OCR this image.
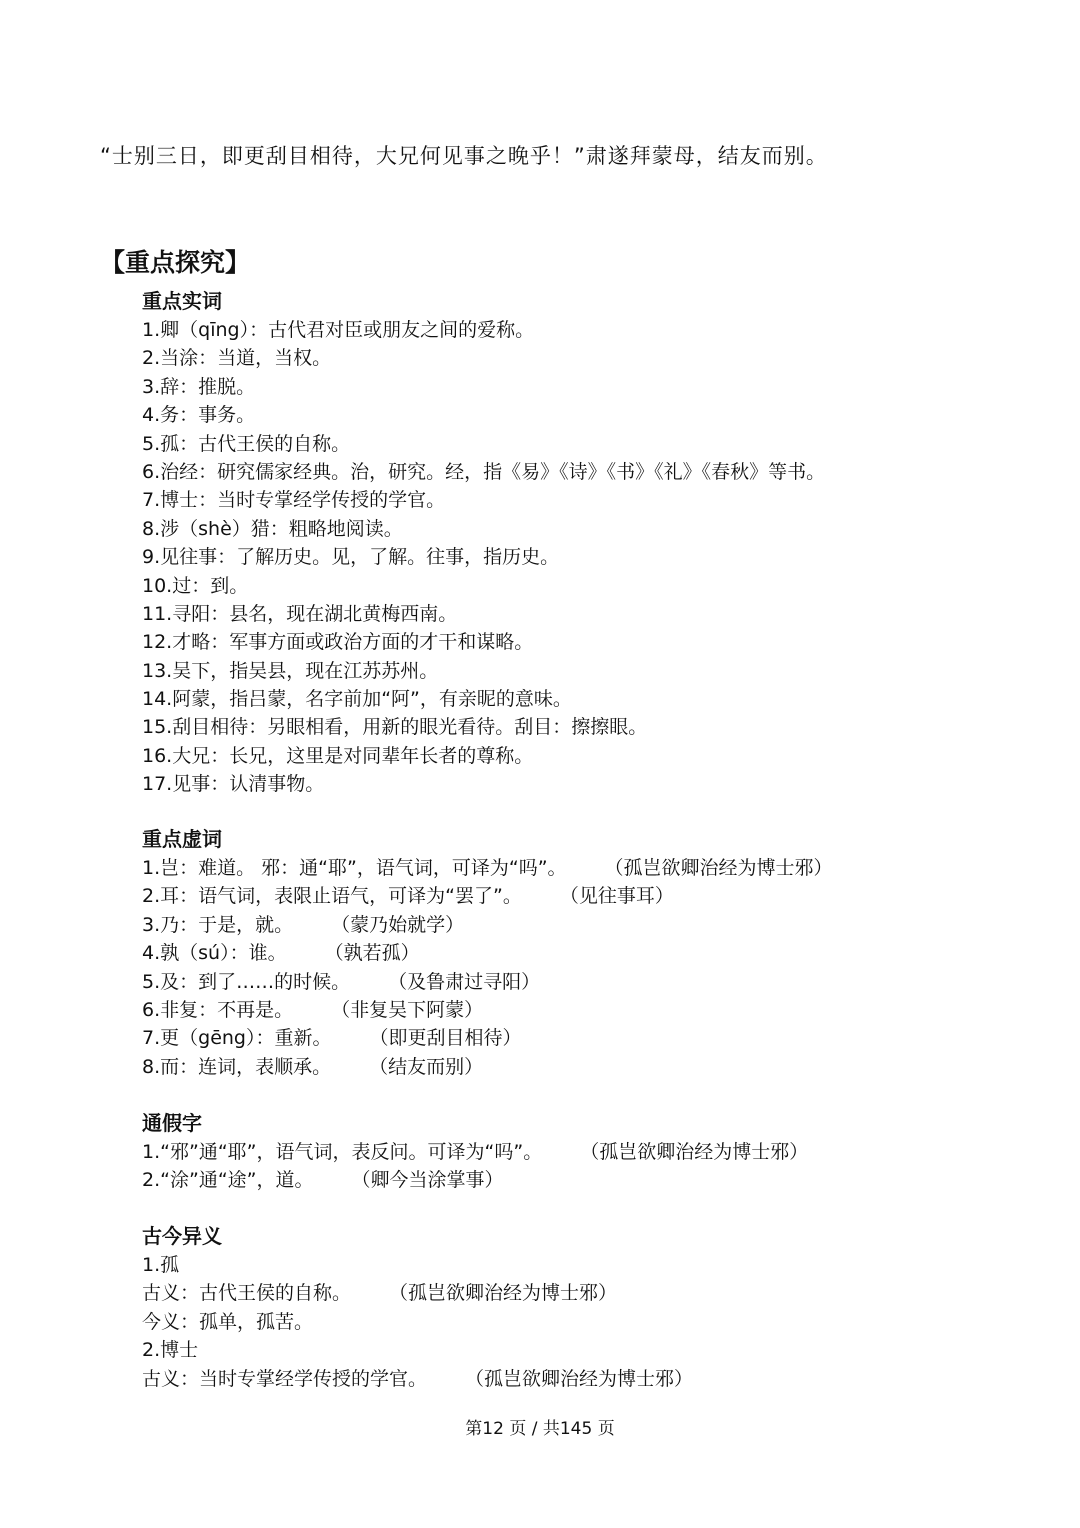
“士别三日，即更刮目相待，大兄何见事之晚乎！”肃遂拜蒙母，结友而别。
【重点探究】
重点实词
1.卿（qīng）：古代君对臣或朋友之间的爱称。
2.当涂：当道，当权。
3.辞：推脱。
4.务：事务。
5.孤：古代王侯的自称。
6.治经：研究儒家经典。治，研究。经，指《易》《诗》《书》《礼》《春秋》等书。
7.博士：当时专掌经学传授的学官。
8.涉（shè）猎：粗略地阅读。
9.见往事：了解历史。见，了解。往事，指历史。
10.过：到。
11.寻阳：县名，现在湖北黄梅西南。
12.才略：军事方面或政治方面的才干和谋略。
13.吴下，指吴县，现在江苏苏州。
14.阿蒙，指吕蒙，名字前加“阿”，有亲昵的意味。
15.刮目相待：另眼相看，用新的眼光看待。刮目：擦擦眼。
16.大兄：长兄，这里是对同辈年长者的尊称。
17.见事：认清事物。
重点虚词
1.岂：难道。 邪：通“耶”，语气词，可译为“吗”。 （孤岂欲卿治经为博士邪）
2.耳：语气词，表限止语气，可译为“罢了”。 （见往事耳）
3.乃：于是，就。 （蒙乃始就学）
4.孰（sú）：谁。 （孰若孤）
5.及：到了……的时候。 （及鲁肃过寻阳）
6.非复：不再是。 （非复吴下阿蒙）
7.更（gēng）：重新。 （即更刮目相待）
8.而：连词，表顺承。 （结友而别）
通假字
1.“邪”通“耶”，语气词，表反问。可译为“吗”。 （孤岂欲卿治经为博士邪）
2.“涂”通“途”，道。 （卿今当涂掌事）
古今异义
1.孤
古义：古代王侯的自称。 （孤岂欲卿治经为博士邪）
今义：孤单，孤苦。
2.博士
古义：当时专掌经学传授的学官。 （孤岂欲卿治经为博士邪）
第12 页 / 共145 页
